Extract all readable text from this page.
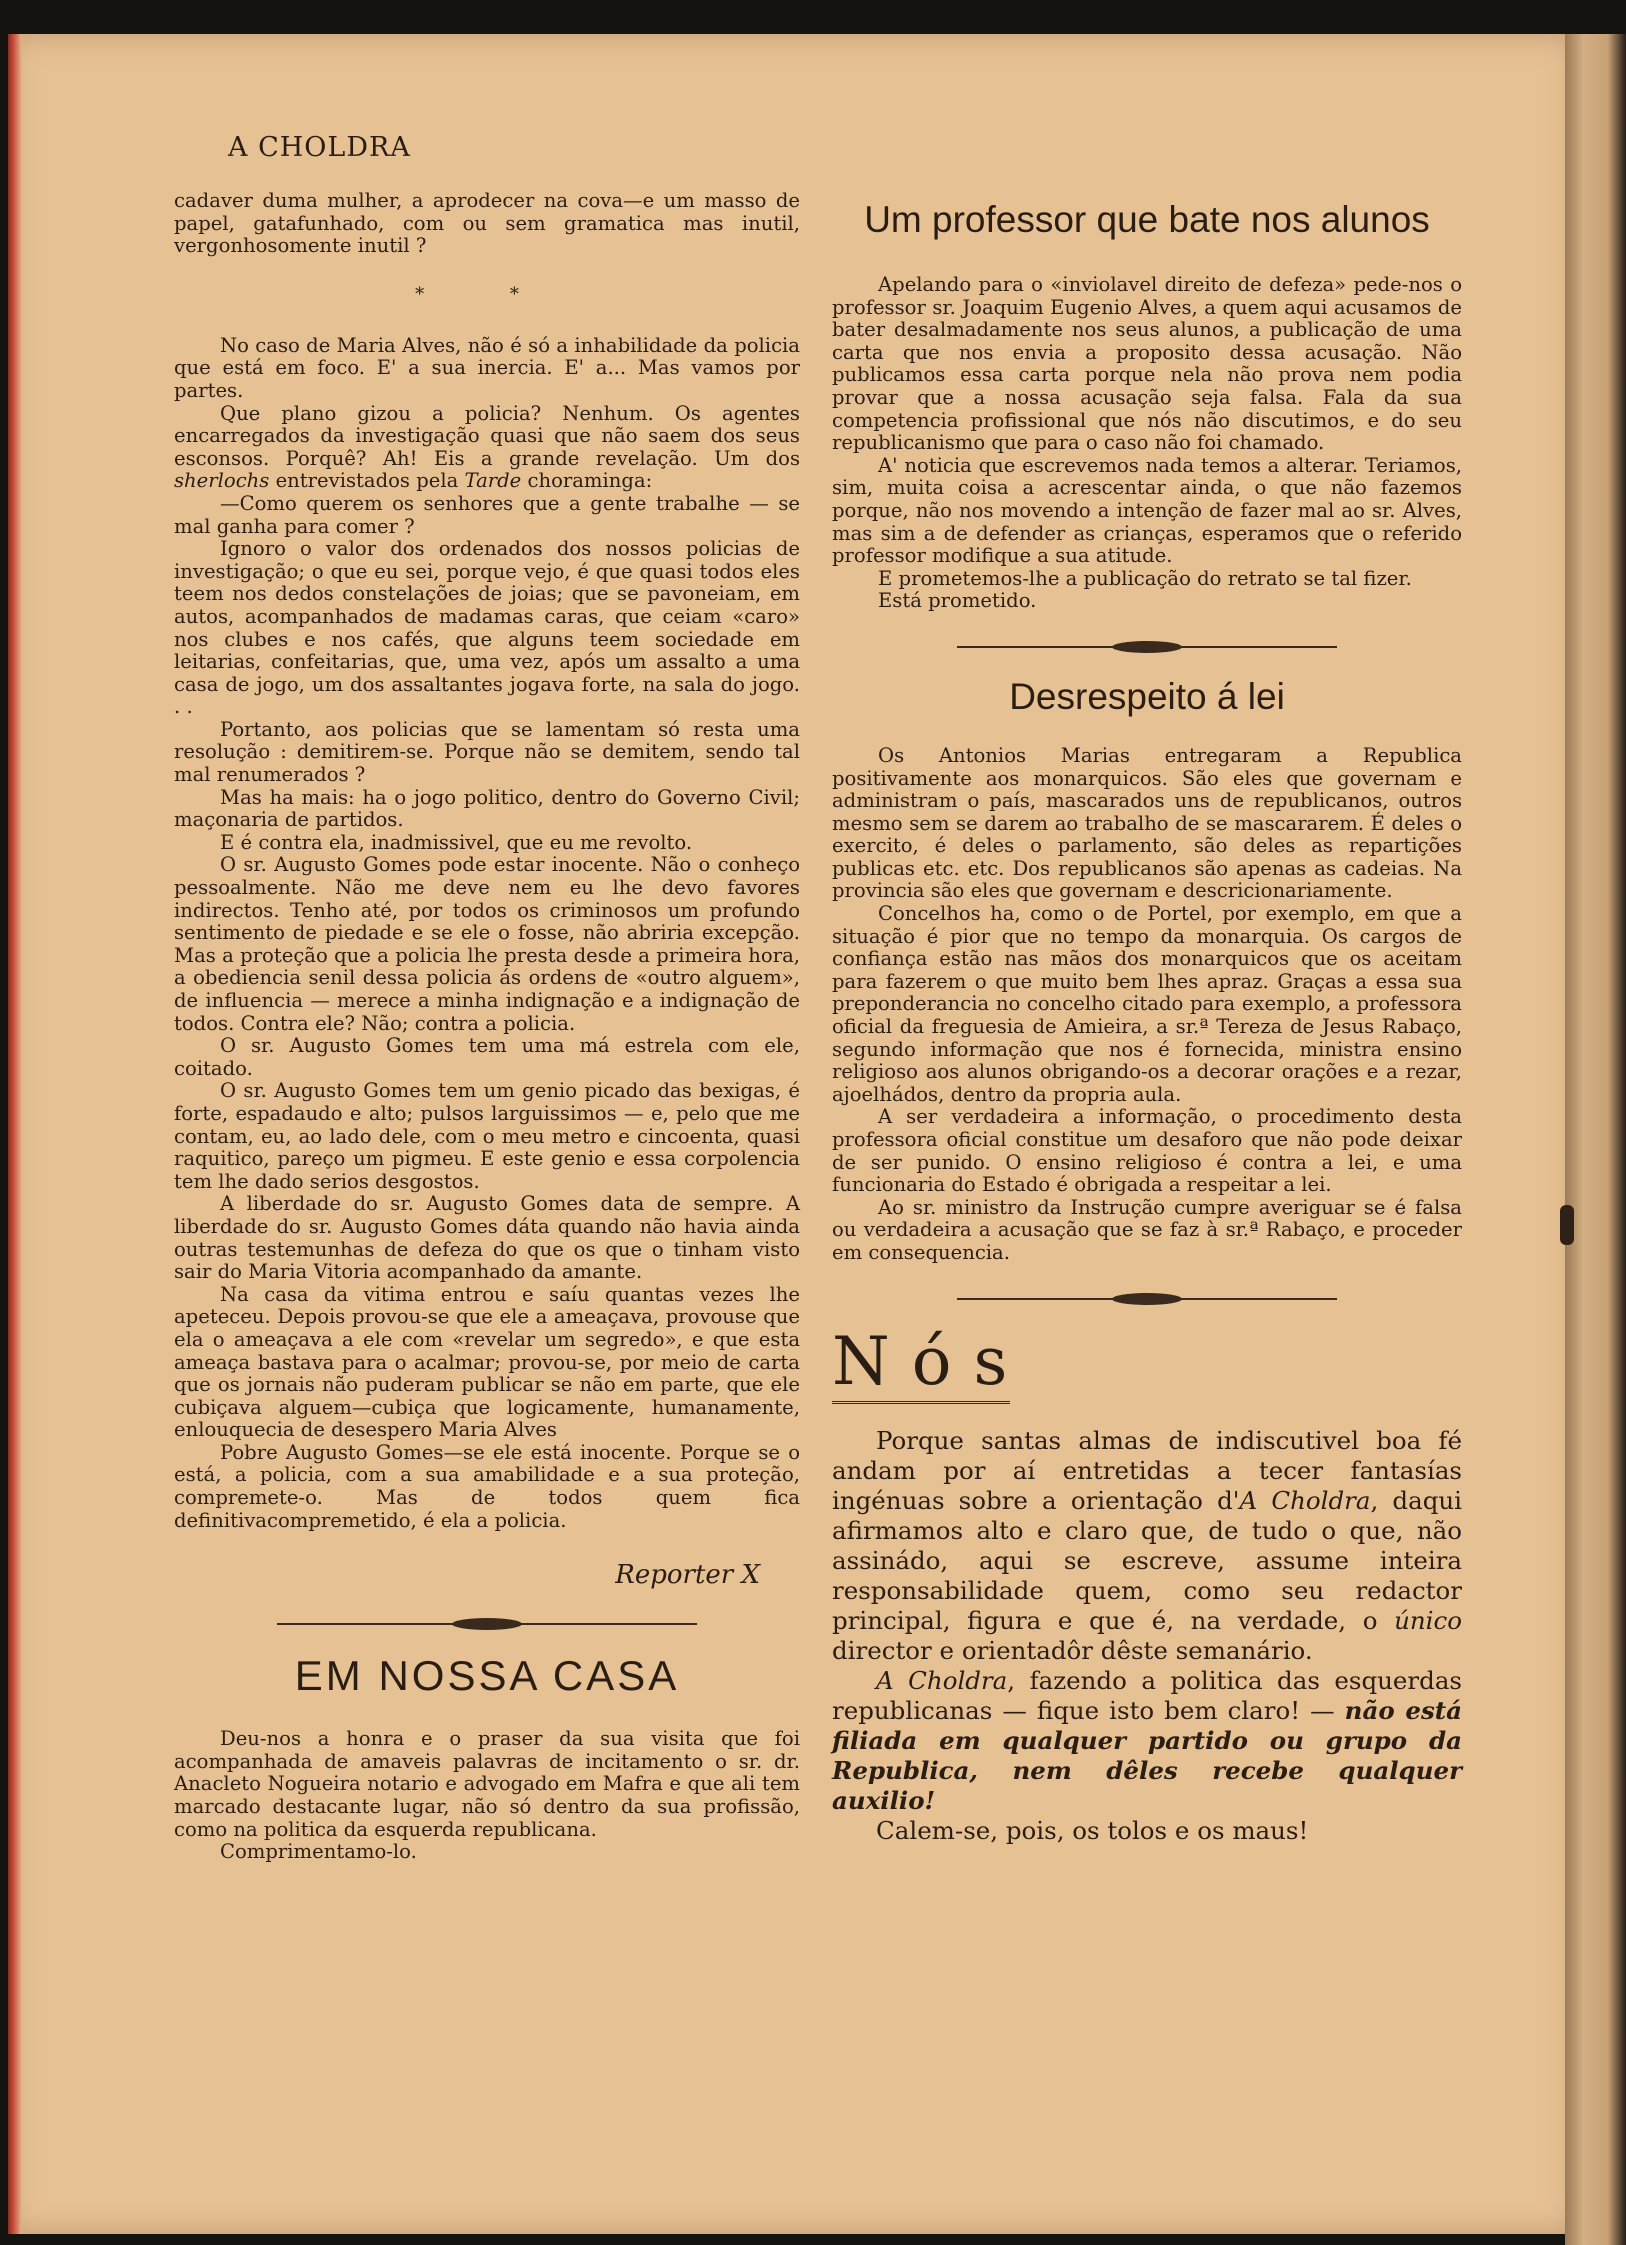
A CHOLDRA

cadaver duma mulher, a aprodecer na cova—e um masso de papel, gatafunhado, com ou sem gramatica mas inutil, vergonhosomente inutil ?

* *

No caso de Maria Alves, não é só a inhabilidade da policia que está em foco. E' a sua inercia. E' a... Mas vamos por partes.

Que plano gizou a policia? Nenhum. Os agentes encarregados da investigação quasi que não saem dos seus esconsos. Porquê? Ah! Eis a grande revelação. Um dos sherlochs entrevistados pela Tarde choraminga:

—Como querem os senhores que a gente trabalhe — se mal ganha para comer ?

Ignoro o valor dos ordenados dos nossos policias de investigação; o que eu sei, porque vejo, é que quasi todos eles teem nos dedos constelações de joias; que se pavoneiam, em autos, acompanhados de madamas caras, que ceiam «caro» nos clubes e nos cafés, que alguns teem sociedade em leitarias, confeitarias, que, uma vez, após um assalto a uma casa de jogo, um dos assaltantes jogava forte, na sala do jogo. . .

Portanto, aos policias que se lamentam só resta uma resolução : demitirem-se. Porque não se demitem, sendo tal mal renumerados ?

Mas ha mais: ha o jogo politico, dentro do Governo Civil; maçonaria de partidos.

E é contra ela, inadmissivel, que eu me revolto.

O sr. Augusto Gomes pode estar inocente. Não o conheço pessoalmente. Não me deve nem eu lhe devo favores indirectos. Tenho até, por todos os criminosos um profundo sentimento de piedade e se ele o fosse, não abriria excepção. Mas a proteção que a policia lhe presta desde a primeira hora, a obediencia senil dessa policia ás ordens de «outro alguem», de influencia — merece a minha indignação e a indignação de todos. Contra ele? Não; contra a policia.

O sr. Augusto Gomes tem uma má estrela com ele, coitado.

O sr. Augusto Gomes tem um genio picado das bexigas, é forte, espadaudo e alto; pulsos larguissimos — e, pelo que me contam, eu, ao lado dele, com o meu metro e cincoenta, quasi raquitico, pareço um pigmeu. E este genio e essa corpolencia tem lhe dado serios desgostos.

A liberdade do sr. Augusto Gomes data de sempre. A liberdade do sr. Augusto Gomes dáta quando não havia ainda outras testemunhas de defeza do que os que o tinham visto sair do Maria Vitoria acompanhado da amante.

Na casa da vitima entrou e saíu quantas vezes lhe apeteceu. Depois provou-se que ele a ameaçava, provouse que ela o ameaçava a ele com «revelar um segredo», e que esta ameaça bastava para o acalmar; provou-se, por meio de carta que os jornais não puderam publicar se não em parte, que ele cubiçava alguem—cubiça que logicamente, humanamente, enlouquecia de desespero Maria Alves

Pobre Augusto Gomes—se ele está inocente. Porque se o está, a policia, com a sua amabilidade e a sua proteção, compremete-o. Mas de todos quem fica definitivacompremetido, é ela a policia.

Reporter X
EM NOSSA CASA

Deu-nos a honra e o praser da sua visita que foi acompanhada de amaveis palavras de incitamento o sr. dr. Anacleto Nogueira notario e advogado em Mafra e que ali tem marcado destacante lugar, não só dentro da sua profissão, como na politica da esquerda republicana.

Comprimentamo-lo.

Um professor que bate nos alunos

Apelando para o «inviolavel direito de defeza» pede-nos o professor sr. Joaquim Eugenio Alves, a quem aqui acusamos de bater desalmadamente nos seus alunos, a publicação de uma carta que nos envia a proposito dessa acusação. Não publicamos essa carta porque nela não prova nem podia provar que a nossa acusação seja falsa. Fala da sua competencia profissional que nós não discutimos, e do seu republicanismo que para o caso não foi chamado.

A' noticia que escrevemos nada temos a alterar. Teriamos, sim, muita coisa a acrescentar ainda, o que não fazemos porque, não nos movendo a intenção de fazer mal ao sr. Alves, mas sim a de defender as crianças, esperamos que o referido professor modifique a sua atitude.

E prometemos-lhe a publicação do retrato se tal fizer.

Está prometido.

Desrespeito á lei

Os Antonios Marias entregaram a Republica positivamente aos monarquicos. São eles que governam e administram o país, mascarados uns de republicanos, outros mesmo sem se darem ao trabalho de se mascararem. É deles o exercito, é deles o parlamento, são deles as repartições publicas etc. etc. Dos republicanos são apenas as cadeias. Na provincia são eles que governam e descricionariamente.

Concelhos ha, como o de Portel, por exemplo, em que a situação é pior que no tempo da monarquia. Os cargos de confiança estão nas mãos dos monarquicos que os aceitam para fazerem o que muito bem lhes apraz. Graças a essa sua preponderancia no concelho citado para exemplo, a professora oficial da freguesia de Amieira, a sr.ª Tereza de Jesus Rabaço, segundo informação que nos é fornecida, ministra ensino religioso aos alunos obrigando-os a decorar orações e a rezar, ajoelhádos, dentro da propria aula.

A ser verdadeira a informação, o procedimento desta professora oficial constitue um desaforo que não pode deixar de ser punido. O ensino religioso é contra a lei, e uma funcionaria do Estado é obrigada a respeitar a lei.

Ao sr. ministro da Instrução cumpre averiguar se é falsa ou verdadeira a acusação que se faz à sr.ª Rabaço, e proceder em consequencia.

Nós

Porque santas almas de indiscutivel boa fé andam por aí entretidas a tecer fantasías ingénuas sobre a orientação d'A Choldra, daqui afirmamos alto e claro que, de tudo o que, não assinádo, aqui se escreve, assume inteira responsabilidade quem, como seu redactor principal, figura e que é, na verdade, o único director e orientadôr dêste semanário.

A Choldra, fazendo a politica das esquerdas republicanas — fique isto bem claro! — não está filiada em qualquer partido ou grupo da Republica, nem dêles recebe qualquer auxilio!

Calem-se, pois, os tolos e os maus!
